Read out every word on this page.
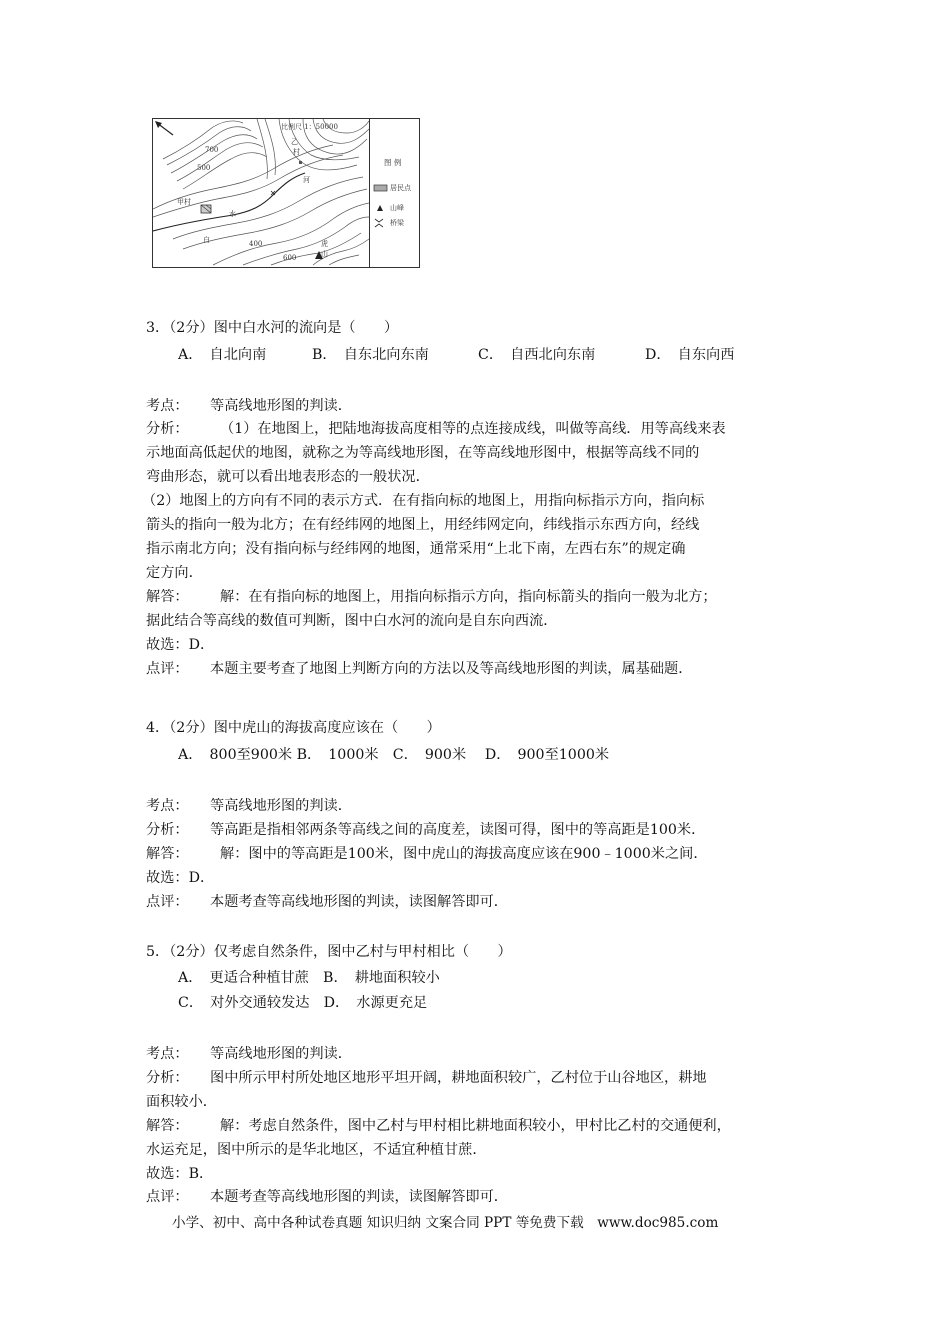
比例尺 1：50000
甲村
乙
村
白
水
河
虎
山
700
500
400
600
图 例
居民点
山峰
桥梁
3．（2分）图中白水河的流向是（　　）
A．　自北向南	B．　自东北向东南	C．　自西北向东南	D．　自东向西
考点： 等高线地形图的判读．
分析： （1）在地图上，把陆地海拔高度相等的点连接成线，叫做等高线．用等高线来表
示地面高低起伏的地图，就称之为等高线地形图，在等高线地形图中，根据等高线不同的
弯曲形态，就可以看出地表形态的一般状况．
（2）地图上的方向有不同的表示方式．在有指向标的地图上，用指向标指示方向，指向标
箭头的指向一般为北方；在有经纬网的地图上，用经纬网定向，纬线指示东西方向，经线
指示南北方向；没有指向标与经纬网的地图，通常采用“上北下南，左西右东”的规定确
定方向．
解答： 解：在有指向标的地图上，用指向标指示方向，指向标箭头的指向一般为北方；
据此结合等高线的数值可判断，图中白水河的流向是自东向西流．
故选：D．
点评： 本题主要考查了地图上判断方向的方法以及等高线地形图的判读，属基础题．
4．（2分）图中虎山的海拔高度应该在（　　）
A．　800至900米 B．　1000米　C．　900米　 D．　900至1000米
考点： 等高线地形图的判读．
分析： 等高距是指相邻两条等高线之间的高度差，读图可得，图中的等高距是100米．
解答： 解：图中的等高距是100米，图中虎山的海拔高度应该在900﹣1000米之间．
故选：D．
点评： 本题考查等高线地形图的判读，读图解答即可．
5．（2分）仅考虑自然条件，图中乙村与甲村相比（　　）
A．　更适合种植甘蔗　B．　耕地面积较小
C．　对外交通较发达　D．　水源更充足
考点： 等高线地形图的判读．
分析： 图中所示甲村所处地区地形平坦开阔，耕地面积较广，乙村位于山谷地区，耕地
面积较小．
解答： 解：考虑自然条件，图中乙村与甲村相比耕地面积较小，甲村比乙村的交通便利，
水运充足，图中所示的是华北地区，不适宜种植甘蔗．
故选：B．
点评： 本题考查等高线地形图的判读，读图解答即可．
小学、初中、高中各种试卷真题 知识归纳 文案合同 PPT 等免费下载　www.doc985.com
